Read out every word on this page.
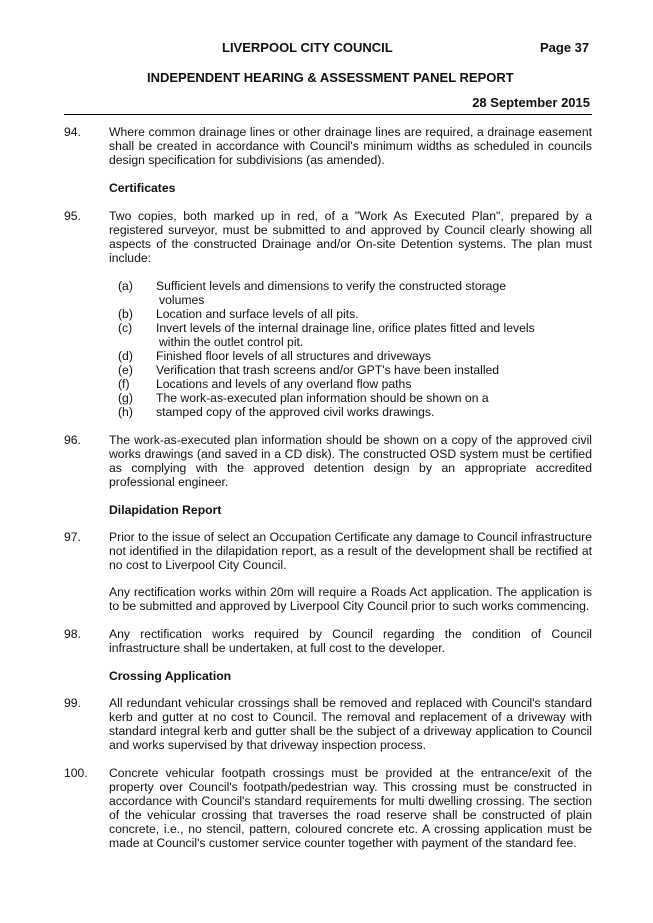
LIVERPOOL CITY COUNCIL	Page 37
INDEPENDENT HEARING & ASSESSMENT PANEL REPORT
28 September 2015
94.	Where common drainage lines or other drainage lines are required, a drainage easement shall be created in accordance with Council's minimum widths as scheduled in councils design specification for subdivisions (as amended).
Certificates
95.	Two copies, both marked up in red, of a "Work As Executed Plan", prepared by a registered surveyor, must be submitted to and approved by Council clearly showing all aspects of the constructed Drainage and/or On-site Detention systems. The plan must include:
(a)	Sufficient levels and dimensions to verify the constructed storage
volumes
(b)	Location and surface levels of all pits.
(c)	Invert levels of the internal drainage line, orifice plates fitted and levels
within the outlet control pit.
(d)	Finished floor levels of all structures and driveways
(e)	Verification that trash screens and/or GPT's have been installed
(f)	Locations and levels of any overland flow paths
(g)	The work-as-executed plan information should be shown on a
(h)	stamped copy of the approved civil works drawings.
96.	The work-as-executed plan information should be shown on a copy of the approved civil works drawings (and saved in a CD disk). The constructed OSD system must be certified as complying with the approved detention design by an appropriate accredited professional engineer.
Dilapidation Report
97.	Prior to the issue of select an Occupation Certificate any damage to Council infrastructure not identified in the dilapidation report, as a result of the development shall be rectified at no cost to Liverpool City Council.
Any rectification works within 20m will require a Roads Act application. The application is to be submitted and approved by Liverpool City Council prior to such works commencing.
98.	Any rectification works required by Council regarding the condition of Council infrastructure shall be undertaken, at full cost to the developer.
Crossing Application
99.	All redundant vehicular crossings shall be removed and replaced with Council's standard kerb and gutter at no cost to Council. The removal and replacement of a driveway with standard integral kerb and gutter shall be the subject of a driveway application to Council and works supervised by that driveway inspection process.
100.	Concrete vehicular footpath crossings must be provided at the entrance/exit of the property over Council's footpath/pedestrian way. This crossing must be constructed in accordance with Council's standard requirements for multi dwelling crossing. The section of the vehicular crossing that traverses the road reserve shall be constructed of plain concrete, i.e., no stencil, pattern, coloured concrete etc. A crossing application must be made at Council's customer service counter together with payment of the standard fee.
